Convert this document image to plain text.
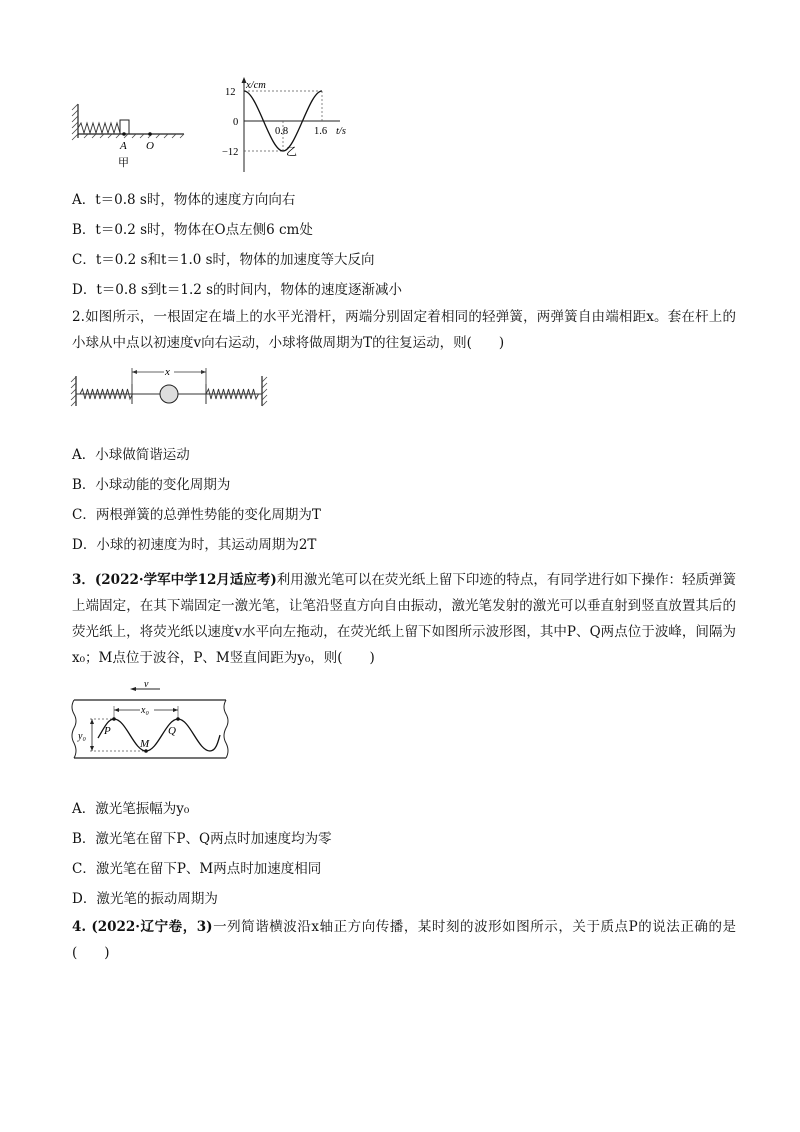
A O
甲
x/cm
12
0
−12
0.8 1.6 t/s
乙
A．t＝0.8 s时，物体的速度方向向右
B．t＝0.2 s时，物体在O点左侧6 cm处
C．t＝0.2 s和t＝1.0 s时，物体的加速度等大反向
D．t＝0.8 s到t＝1.2 s的时间内，物体的速度逐渐减小
2.如图所示，一根固定在墙上的水平光滑杆，两端分别固定着相同的轻弹簧，两弹簧自由端相距x。套在杆上的小球从中点以初速度v向右运动，小球将做周期为T的往复运动，则(　　)
x
A．小球做简谐运动
B．小球动能的变化周期为
C．两根弹簧的总弹性势能的变化周期为T
D．小球的初速度为时，其运动周期为2T
3．(2022·学军中学12月适应考)利用激光笔可以在荧光纸上留下印迹的特点，有同学进行如下操作：轻质弹簧上端固定，在其下端固定一激光笔，让笔沿竖直方向自由振动，激光笔发射的激光可以垂直射到竖直放置其后的荧光纸上，将荧光纸以速度v水平向左拖动，在荧光纸上留下如图所示波形图，其中P、Q两点位于波峰，间隔为x₀；M点位于波谷，P、M竖直间距为y₀，则(　　)
v
x₀
y₀ P	Q
M
A．激光笔振幅为y₀
B．激光笔在留下P、Q两点时加速度均为零
C．激光笔在留下P、M两点时加速度相同
D．激光笔的振动周期为
4. (2022·辽宁卷，3)一列简谐横波沿x轴正方向传播，某时刻的波形如图所示，关于质点P的说法正确的是(　　)
